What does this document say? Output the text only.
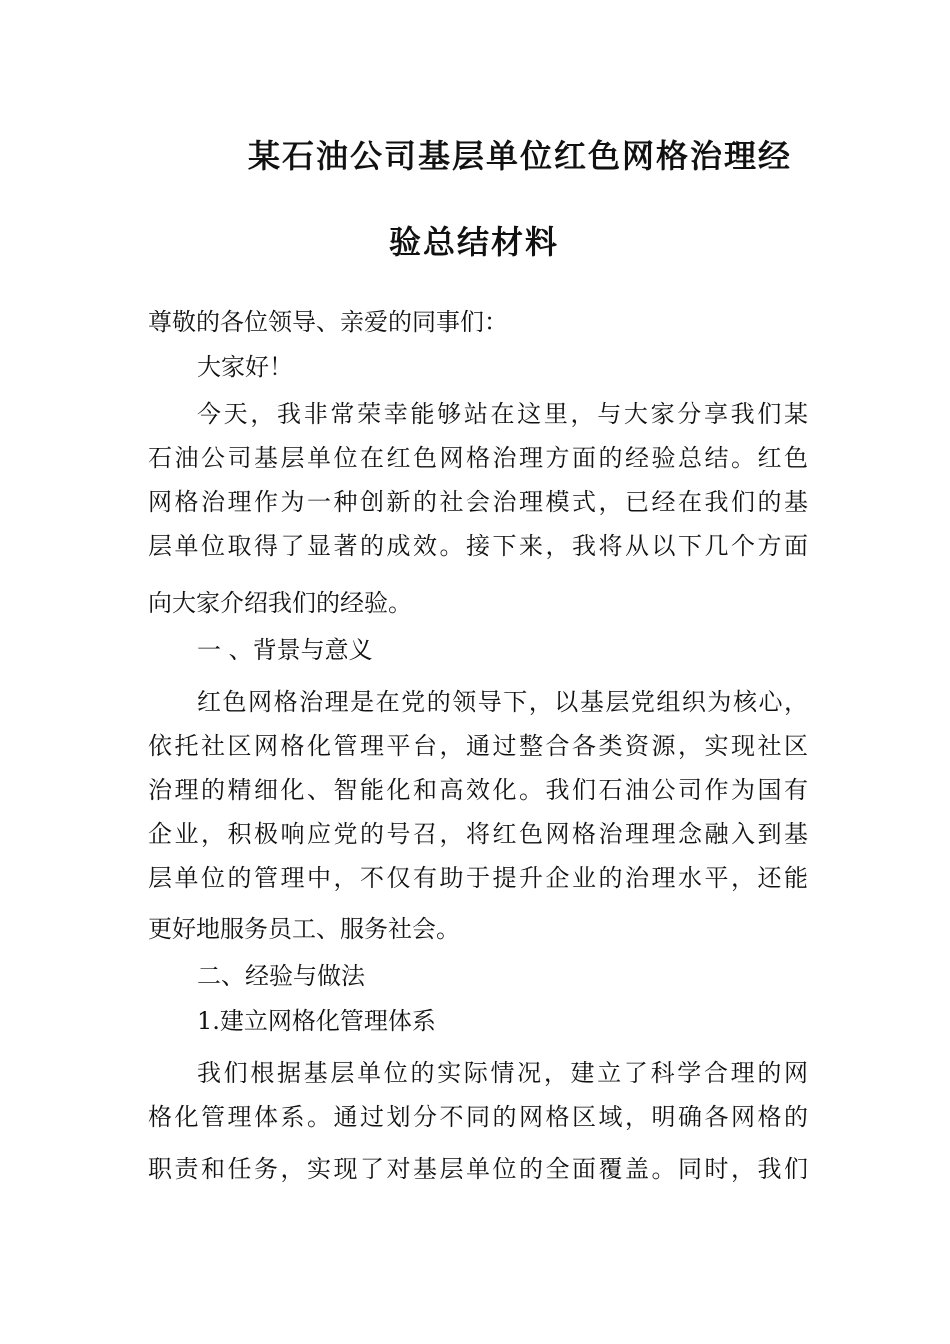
某石油公司基层单位红色网格治理经
验总结材料
尊敬的各位领导、亲爱的同事们：
大家好！
今天，我非常荣幸能够站在这里，与大家分享我们某
石油公司基层单位在红色网格治理方面的经验总结。红色
网格治理作为一种创新的社会治理模式，已经在我们的基
层单位取得了显著的成效。接下来，我将从以下几个方面
向大家介绍我们的经验。
一 、背景与意义
红色网格治理是在党的领导下，以基层党组织为核心，
依托社区网格化管理平台，通过整合各类资源，实现社区
治理的精细化、智能化和高效化。我们石油公司作为国有
企业，积极响应党的号召，将红色网格治理理念融入到基
层单位的管理中，不仅有助于提升企业的治理水平，还能
更好地服务员工、服务社会。
二、经验与做法
1.建立网格化管理体系
我们根据基层单位的实际情况，建立了科学合理的网
格化管理体系。通过划分不同的网格区域，明确各网格的
职责和任务，实现了对基层单位的全面覆盖。同时，我们
